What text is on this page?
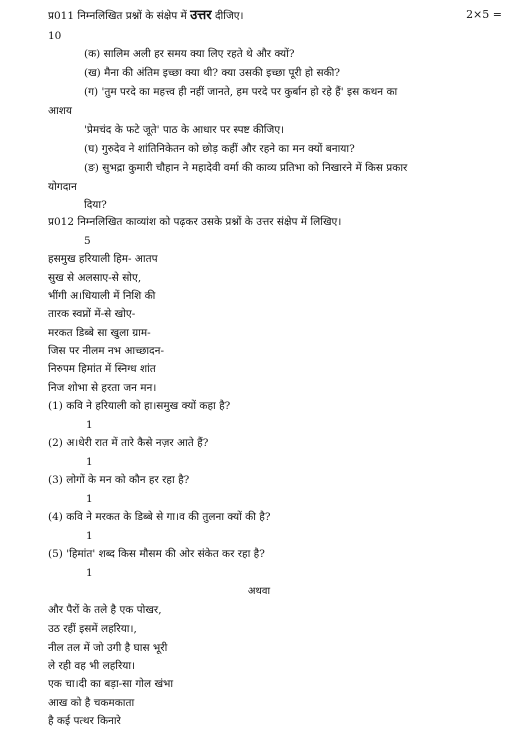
प्र011 निम्नलिखित प्रश्नों के संक्षेप में उत्तर दीजिए।	2×5 =
10
(क) सालिम अली हर समय क्या लिए रहते थे और क्यों?
(ख) मैना की अंतिम इच्छा क्या थी? क्या उसकी इच्छा पूरी हो सकी?
(ग) 'तुम परदे का महत्त्व ही नहीं जानते, हम परदे पर कुर्बान हो रहे हैं' इस कथन का
आशय
'प्रेमचंद के फटे जूते' पाठ के आधार पर स्पष्ट कीजिए।
(घ) गुरुदेव ने शांतिनिकेतन को छोड़ कहीं और रहने का मन क्यों बनाया?
(ङ) सुभद्रा कुमारी चौहान ने महादेवी वर्मा की काव्य प्रतिभा को निखारने में किस प्रकार
योगदान
दिया?
प्र012 निम्नलिखित काव्यांश को पढ़कर उसके प्रश्नों के उत्तर संक्षेप में लिखिए।
5
हसमुख हरियाली हिम- आतप
सुख से अलसाए-से सोए,
भींगी अ।धियाली में निशि की
तारक स्वप्नों में-से खोए-
मरकत डिब्बे सा खुला ग्राम-
जिस पर नीलम नभ आच्छादन-
निरुपम हिमांत में स्निग्ध शांत
निज शोभा से हरता जन मन।
(1) कवि ने हरियाली को हा।समुख क्यों कहा है?
1
(2) अ।धेरी रात में तारे कैसे नज़र आते हैं?
1
(3) लोगों के मन को कौन हर रहा है?
1
(4) कवि ने मरकत के डिब्बे से गा।व की तुलना क्यों की है?
1
(5) 'हिमांत' शब्द किस मौसम की ओर संकेत कर रहा है?
1
अथवा
और पैरों के तले है एक पोखर,
उठ रहीं इसमें लहरिया।,
नील तल में जो उगी है घास भूरी
ले रही वह भी लहरिया।
एक चा।दी का बड़ा-सा गोल खंभा
आख को है चकमकाता
है कई पत्थर किनारे
